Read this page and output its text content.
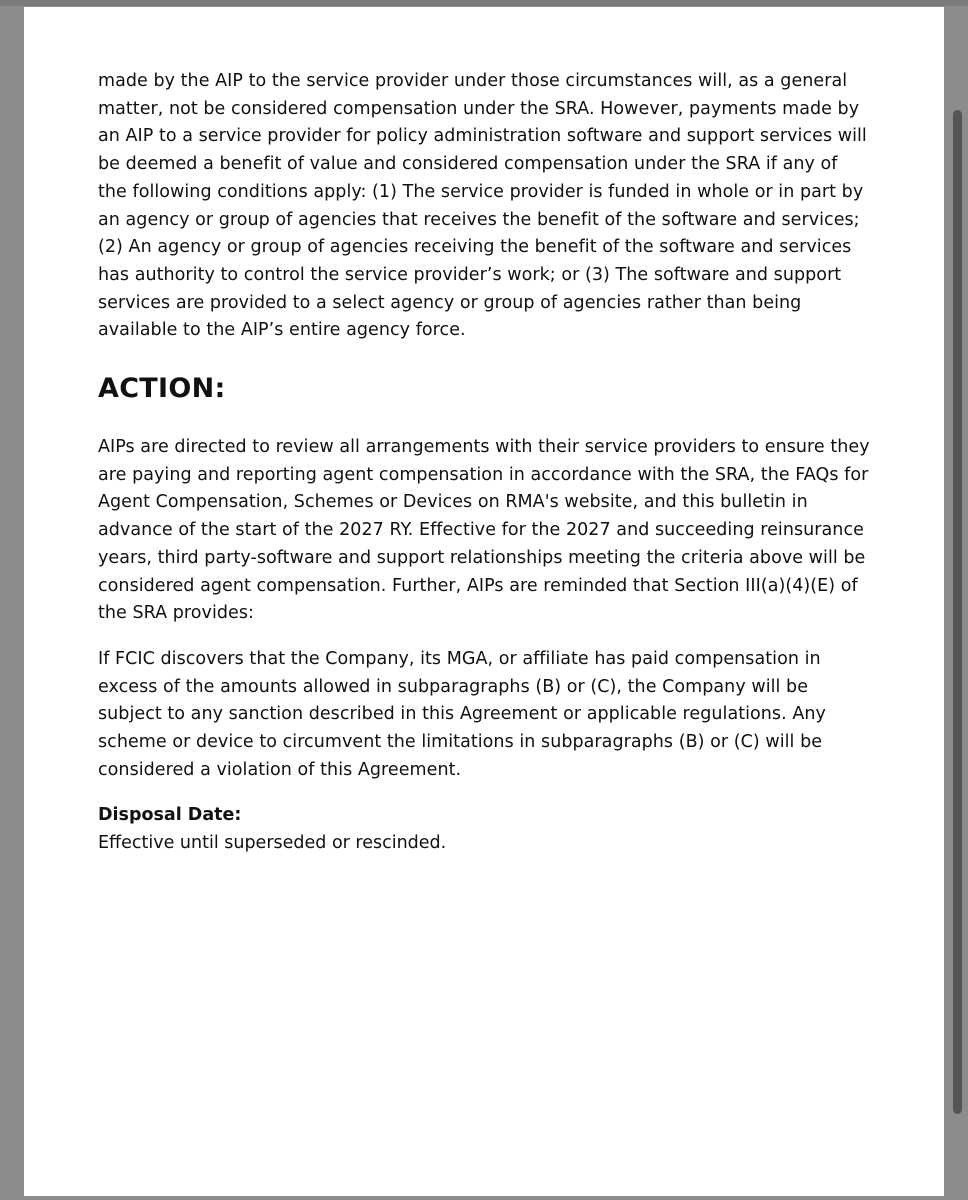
made by the AIP to the service provider under those circumstances will, as a general matter, not be considered compensation under the SRA. However, payments made by an AIP to a service provider for policy administration software and support services will be deemed a benefit of value and considered compensation under the SRA if any of the following conditions apply: (1) The service provider is funded in whole or in part by an agency or group of agencies that receives the benefit of the software and services; (2) An agency or group of agencies receiving the benefit of the software and services has authority to control the service provider’s work; or (3) The software and support services are provided to a select agency or group of agencies rather than being available to the AIP’s entire agency force.

ACTION:

AIPs are directed to review all arrangements with their service providers to ensure they are paying and reporting agent compensation in accordance with the SRA, the FAQs for Agent Compensation, Schemes or Devices on RMA's website, and this bulletin in advance of the start of the 2027 RY. Effective for the 2027 and succeeding reinsurance years, third party-software and support relationships meeting the criteria above will be considered agent compensation. Further, AIPs are reminded that Section III(a)(4)(E) of the SRA provides:

If FCIC discovers that the Company, its MGA, or affiliate has paid compensation in excess of the amounts allowed in subparagraphs (B) or (C), the Company will be subject to any sanction described in this Agreement or applicable regulations. Any scheme or device to circumvent the limitations in subparagraphs (B) or (C) will be considered a violation of this Agreement.

Disposal Date:

Effective until superseded or rescinded.
